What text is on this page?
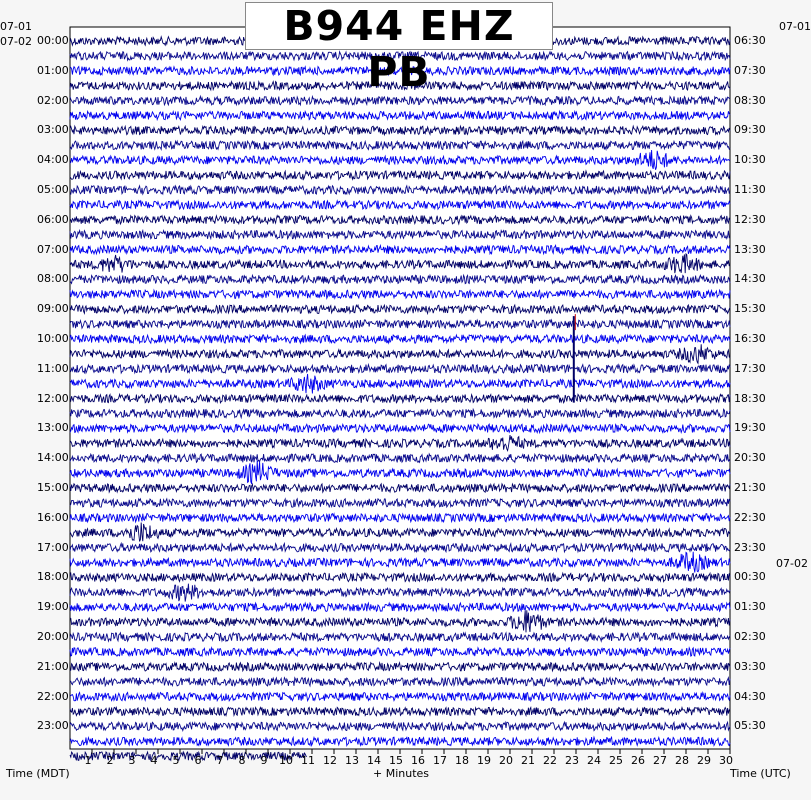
1 2 3 4 5 6 7 8 9 10 11 12 13 14 15 16 17 18 19 20 21 22 23 24 25 26 27 28 29 30
B944 EHZ PB
07-01
07-02
07-01
07-02
00:00
01:00
02:00
03:00
04:00
05:00
06:00
07:00
08:00
09:00
10:00
11:00
12:00
13:00
14:00
15:00
16:00
17:00
18:00
19:00
20:00
21:00
22:00
23:00
06:30
07:30
08:30
09:30
10:30
11:30
12:30
13:30
14:30
15:30
16:30
17:30
18:30
19:30
20:30
21:30
22:30
23:30
00:30
01:30
02:30
03:30
04:30
05:30
Time (MDT)	+ Minutes	Time (UTC)
